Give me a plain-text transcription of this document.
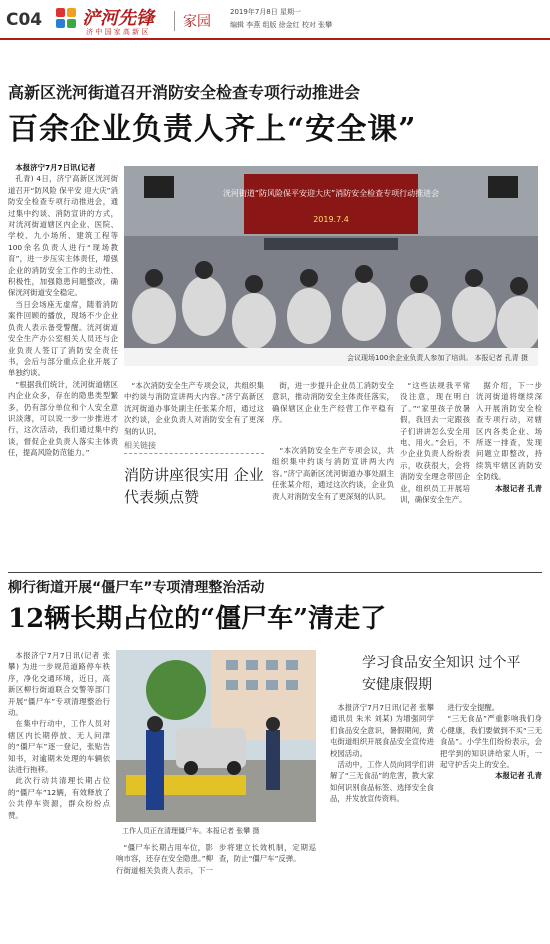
C04 浐河先锋
济 中 国 家 高 新 区
家园
2019年7月8日 星期一
编辑 李燕 组版 徐金红 校对 张攀
高新区洸河街道召开消防安全检查专项行动推进会
百余企业负责人齐上“安全课”

本报济宁7月7日讯(记者

孔青) 4日，济宁高新区洸河街道召开“防风险 保平安 迎大庆”消防安全检查专项行动推进会，通过集中约谈、消防宣讲的方式，对洸河街道辖区内企业、医院、学校、九小场所、建筑工程等100余名负责人进行“现场教育”，进一步压实主体责任，增强企业的消防安全工作的主动性、积极性，加强隐患问题整改，确保洸河街道安全稳定。

当日会场座无虚席，随着消防案件回顾的播放，现场不少企业负责人表示备受警醒。洸河街道安全生产办公室相关人员还与企业负责人签订了消防安全责任书，会后与部分重点企业开展了单独约谈。

“根据我们统计，洸河街道辖区内企业众多，存在的隐患类型繁多，仍有部分单位和个人安全意识淡薄，可以说一步一步推进才行，这次活动，我们通过集中约谈，督促企业负责人落实主体责任，提高风险防范能力。”

洸河街道“防风险保平安迎大庆”消防安全检查专项行动推进会
2019.7.4
会议现场100余企业负责人参加了培训。 本报记者 孔青 摄

“本次消防安全生产专项会议，共组织集中约谈与消防宣讲两大内容。”济宁高新区洸河街道办事处副主任张某介绍，通过这次约谈，企业负责人对消防安全有了更深刻的认识。

街，进一步提升企业员工消防安全意识，推动消防安全主体责任落实，确保辖区企业生产经营工作平稳有序。

“这些法规我平常没注意，现在明白了。”“家里孩子放暑假，我回去一定跟孩子们讲讲怎么安全用电、用火。”会后，不少企业负责人纷纷表示，收获很大，会将消防安全理念带回企业，组织员工开展培训，确保安全生产。

据介绍，下一步洸河街道将继续深入开展消防安全检查专项行动，对辖区内各类企业、场所逐一排查，发现问题立即整改，持续筑牢辖区消防安全防线。

本报记者 孔青

相关链接
消防讲座很实用 企业代表频点赞

“本次消防安全生产专项会议，共组织集中约谈与消防宣讲两大内容。”济宁高新区洸河街道办事处副主任张某介绍，通过这次约谈，企业负责人对消防安全有了更深刻的认识。

柳行街道开展“僵尸车”专项清理整治活动
12辆长期占位的“僵尸车”清走了

本报济宁7月7日讯(记者 张攀) 为进一步规范道路停车秩序，净化交通环境，近日，高新区柳行街道联合交警等部门开展“僵尸车”专项清理整治行动。

在集中行动中，工作人员对辖区内长期停放、无人问津的“僵尸车”逐一登记，张贴告知书，对逾期未处理的车辆依法进行拖移。

此次行动共清理长期占位的“僵尸车”12辆，有效释放了公共停车资源，群众纷纷点赞。

工作人员正在清理僵尸车。本报记者 张攀 摄

“僵尸车长期占用车位，影响市容，还存在安全隐患。”柳行街道相关负责人表示，下一步将建立长效机制，定期巡查，防止“僵尸车”反弹。

学习食品安全知识 过个平安健康假期

本报济宁7月7日讯(记者 张攀 通讯员 朱米 刘某) 为增强同学们食品安全意识，暑假期间，黄屯街道组织开展食品安全宣传进校园活动。

活动中，工作人员向同学们讲解了“三无食品”的危害，教大家如何识别食品标签、选择安全食品，并发放宣传资料。

进行安全提醒。

“三无食品”严重影响我们身心健康，我们要做到不买“三无食品”。小学生们纷纷表示，会把学到的知识讲给家人听，一起守护舌尖上的安全。

本报记者 孔青
